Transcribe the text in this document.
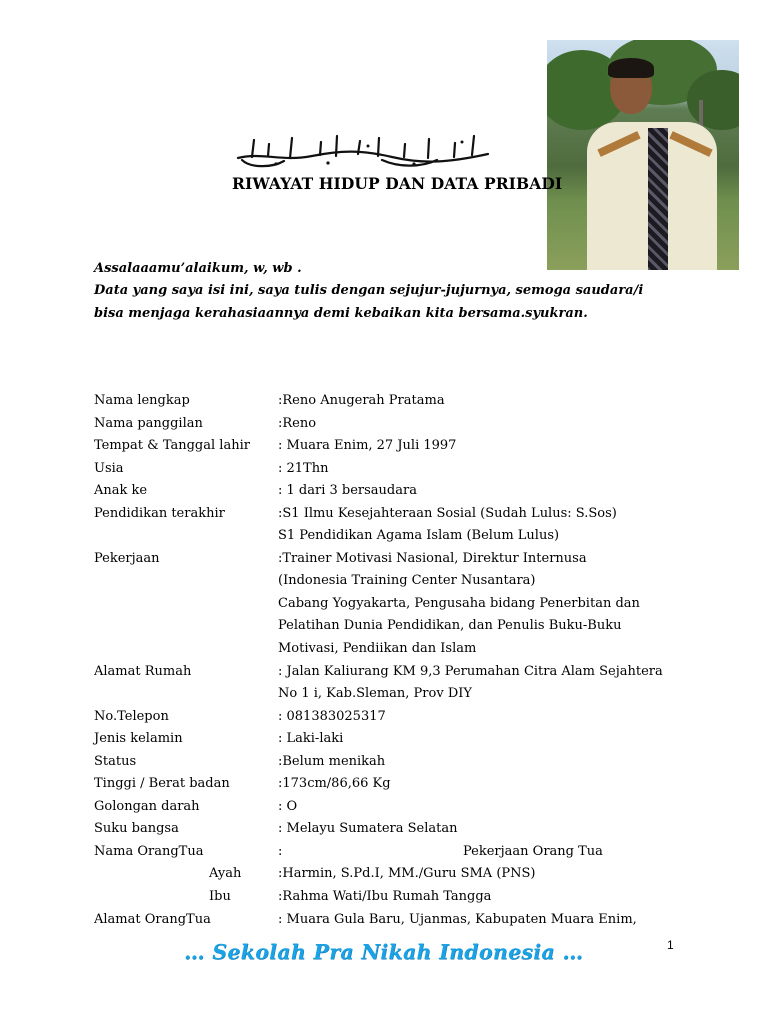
RIWAYAT HIDUP DAN DATA PRIBADI

Assalaaamu’alaikum, w, wb .

Data yang saya isi ini, saya tulis dengan sejujur-jujurnya, semoga saudara/i

bisa menjaga kerahasiaannya demi kebaikan kita bersama.syukran.

Nama lengkap	:Reno Anugerah Pratama
Nama panggilan	:Reno
Tempat & Tanggal lahir : Muara Enim, 27 Juli 1997
Usia	: 21Thn
Anak ke	: 1 dari 3 bersaudara
Pendidikan terakhir	:S1 Ilmu Kesejahteraan Sosial (Sudah Lulus: S.Sos)
S1 Pendidikan Agama Islam (Belum Lulus)
Pekerjaan	:Trainer Motivasi Nasional, Direktur Internusa
(Indonesia Training Center Nusantara)
Cabang Yogyakarta, Pengusaha bidang Penerbitan dan
Pelatihan Dunia Pendidikan, dan Penulis Buku-Buku
Motivasi, Pendiikan dan Islam
Alamat Rumah	: Jalan Kaliurang KM 9,3 Perumahan Citra Alam Sejahtera
No 1 i, Kab.Sleman, Prov DIY
No.Telepon	: 081383025317
Jenis kelamin	: Laki-laki
Status	:Belum menikah
Tinggi / Berat badan	:173cm/86,66 Kg
Golongan darah	: O
Suku bangsa	: Melayu Sumatera Selatan
Nama OrangTua	:	Pekerjaan Orang Tua
Ayah	:Harmin, S.Pd.I, MM./Guru SMA (PNS)
Ibu	:Rahma Wati/Ibu Rumah Tangga
Alamat OrangTua	: Muara Gula Baru, Ujanmas, Kabupaten Muara Enim,
… Sekolah Pra Nikah Indonesia …	1
